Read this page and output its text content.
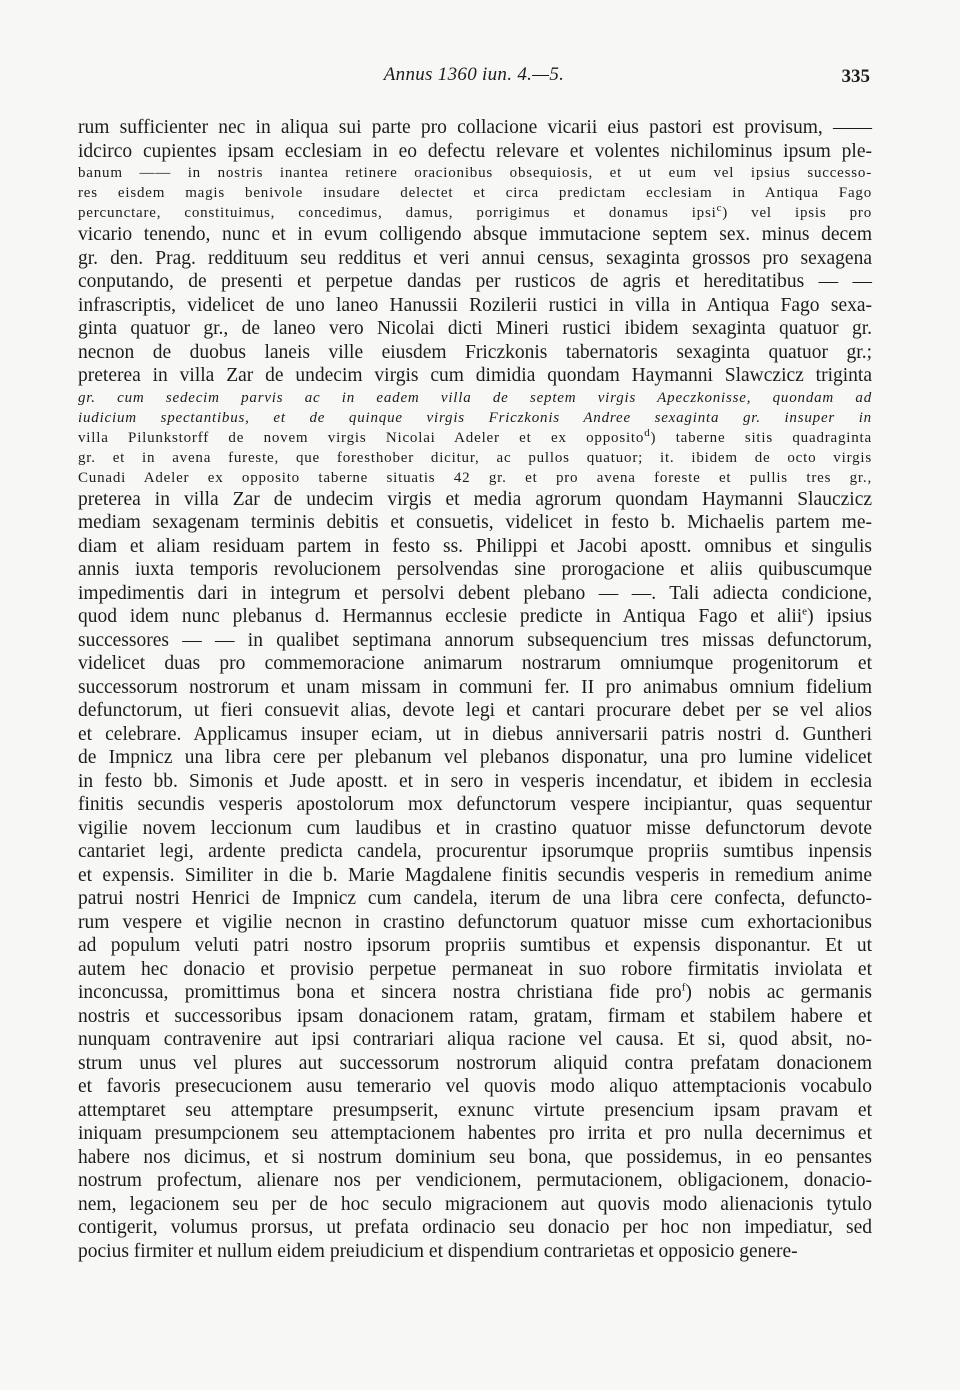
Annus 1360 iun. 4.—5.	335
rum sufficienter nec in aliqua sui parte pro collacione vicarii eius pastori est provisum, ——
idcirco cupientes ipsam ecclesiam in eo defectu relevare et volentes nichilominus ipsum ple-
banum —— in nostris inantea retinere oracionibus obsequiosis, et ut eum vel ipsius successo-
res eisdem magis benivole insudare delectet et circa predictam ecclesiam in Antiqua Fago
percunctare, constituimus, concedimus, damus, porrigimus et donamus ipsi$^c$) vel ipsis pro
vicario tenendo, nunc et in evum colligendo absque immutacione septem sex. minus decem
gr. den. Prag. reddituum seu redditus et veri annui census, sexaginta grossos pro sexagena
conputando, de presenti et perpetue dandas per rusticos de agris et hereditatibus — —
infrascriptis, videlicet de uno laneo Hanussii Rozilerii rustici in villa in Antiqua Fago sexa-
ginta quatuor gr., de laneo vero Nicolai dicti Mineri rustici ibidem sexaginta quatuor gr.
necnon de duobus laneis ville eiusdem Friczkonis tabernatoris sexaginta quatuor gr.;
preterea in villa Zar de undecim virgis cum dimidia quondam Haymanni Slawczicz triginta
gr. cum sedecim parvis ac in eadem villa de septem virgis Apeczkonisse, quondam ad
iudicium spectantibus, et de quinque virgis Friczkonis Andree sexaginta gr. insuper in
villa Pilunkstorff de novem virgis Nicolai Adeler et ex opposito$^d$) taberne sitis quadraginta
gr. et in avena fureste, que foresthober dicitur, ac pullos quatuor; it. ibidem de octo virgis
Cunadi Adeler ex opposito taberne situatis 42 gr. et pro avena foreste et pullis tres gr.,
preterea in villa Zar de undecim virgis et media agrorum quondam Haymanni Slauczicz
mediam sexagenam terminis debitis et consuetis, videlicet in festo b. Michaelis partem me-
diam et aliam residuam partem in festo ss. Philippi et Jacobi apostt. omnibus et singulis
annis iuxta temporis revolucionem persolvendas sine prorogacione et aliis quibuscumque
impedimentis dari in integrum et persolvi debent plebano — —. Tali adiecta condicione,
quod idem nunc plebanus d. Hermannus ecclesie predicte in Antiqua Fago et alii$^e$) ipsius
successores — — in qualibet septimana annorum subsequencium tres missas defunctorum,
videlicet duas pro commemoracione animarum nostrarum omniumque progenitorum et
successorum nostrorum et unam missam in communi fer. II pro animabus omnium fidelium
defunctorum, ut fieri consuevit alias, devote legi et cantari procurare debet per se vel alios
et celebrare. Applicamus insuper eciam, ut in diebus anniversarii patris nostri d. Guntheri
de Impnicz una libra cere per plebanum vel plebanos disponatur, una pro lumine videlicet
in festo bb. Simonis et Jude apostt. et in sero in vesperis incendatur, et ibidem in ecclesia
finitis secundis vesperis apostolorum mox defunctorum vespere incipiantur, quas sequentur
vigilie novem leccionum cum laudibus et in crastino quatuor misse defunctorum devote
cantariet legi, ardente predicta candela, procurentur ipsorumque propriis sumtibus inpensis
et expensis. Similiter in die b. Marie Magdalene finitis secundis vesperis in remedium anime
patrui nostri Henrici de Impnicz cum candela, iterum de una libra cere confecta, defuncto-
rum vespere et vigilie necnon in crastino defunctorum quatuor misse cum exhortacionibus
ad populum veluti patri nostro ipsorum propriis sumtibus et expensis disponantur. Et ut
autem hec donacio et provisio perpetue permaneat in suo robore firmitatis inviolata et
inconcussa, promittimus bona et sincera nostra christiana fide pro$^f$) nobis ac germanis
nostris et successoribus ipsam donacionem ratam, gratam, firmam et stabilem habere et
nunquam contravenire aut ipsi contrariari aliqua racione vel causa. Et si, quod absit, no-
strum unus vel plures aut successorum nostrorum aliquid contra prefatam donacionem
et favoris presecucionem ausu temerario vel quovis modo aliquo attemptacionis vocabulo
attemptaret seu attemptare presumpserit, exnunc virtute presencium ipsam pravam et
iniquam presumpcionem seu attemptacionem habentes pro irrita et pro nulla decernimus et
habere nos dicimus, et si nostrum dominium seu bona, que possidemus, in eo pensantes
nostrum profectum, alienare nos per vendicionem, permutacionem, obligacionem, donacio-
nem, legacionem seu per de hoc seculo migracionem aut quovis modo alienacionis tytulo
contigerit, volumus prorsus, ut prefata ordinacio seu donacio per hoc non impediatur, sed
pocius firmiter et nullum eidem preiudicium et dispendium contrarietas et opposicio genere-
